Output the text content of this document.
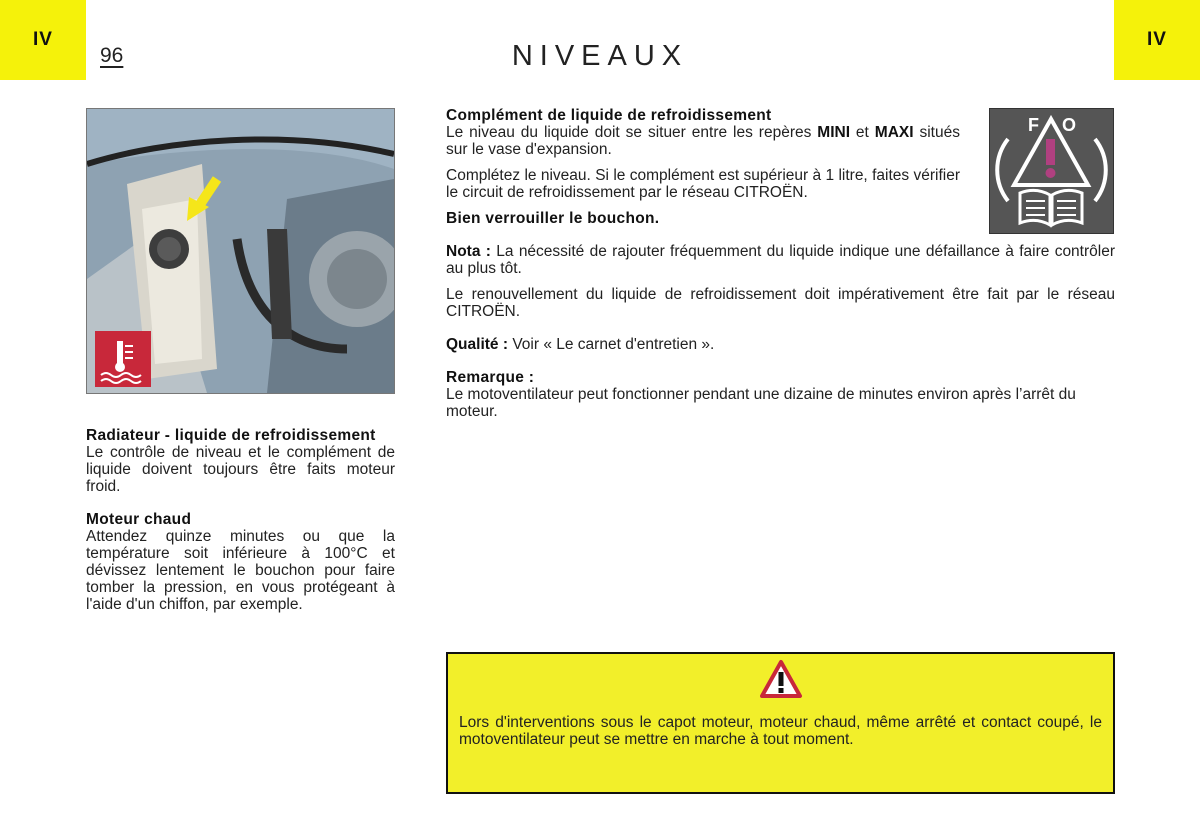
IV
96	NIVEAUX
IV

Radiateur - liquide de refroidissement

Le contrôle de niveau et le complément de liquide doivent toujours être faits moteur froid.

Moteur chaud

Attendez quinze minutes ou que la température soit inférieure à 100°C et dévissez lentement le bouchon pour faire tomber la pression, en vous protégeant à l'aide d'un chiffon, par exemple.

F O

Complément de liquide de refroidissement

Le niveau du liquide doit se situer entre les repères MINI et MAXI situés sur le vase d'expansion.

Complétez le niveau. Si le complément est supérieur à 1 litre, faites vérifier le circuit de refroidissement par le réseau CITROËN.

Bien verrouiller le bouchon.

Nota : La nécessité de rajouter fréquemment du liquide indique une défaillance à faire contrôler au plus tôt.

Le renouvellement du liquide de refroidissement doit impérativement être fait par le réseau CITROËN.

Qualité : Voir « Le carnet d'entretien ».

Remarque :

Le motoventilateur peut fonctionner pendant une dizaine de minutes environ après l’arrêt du moteur.

Lors d'interventions sous le capot moteur, moteur chaud, même arrêté et contact coupé, le motoventilateur peut se mettre en marche à tout moment.
